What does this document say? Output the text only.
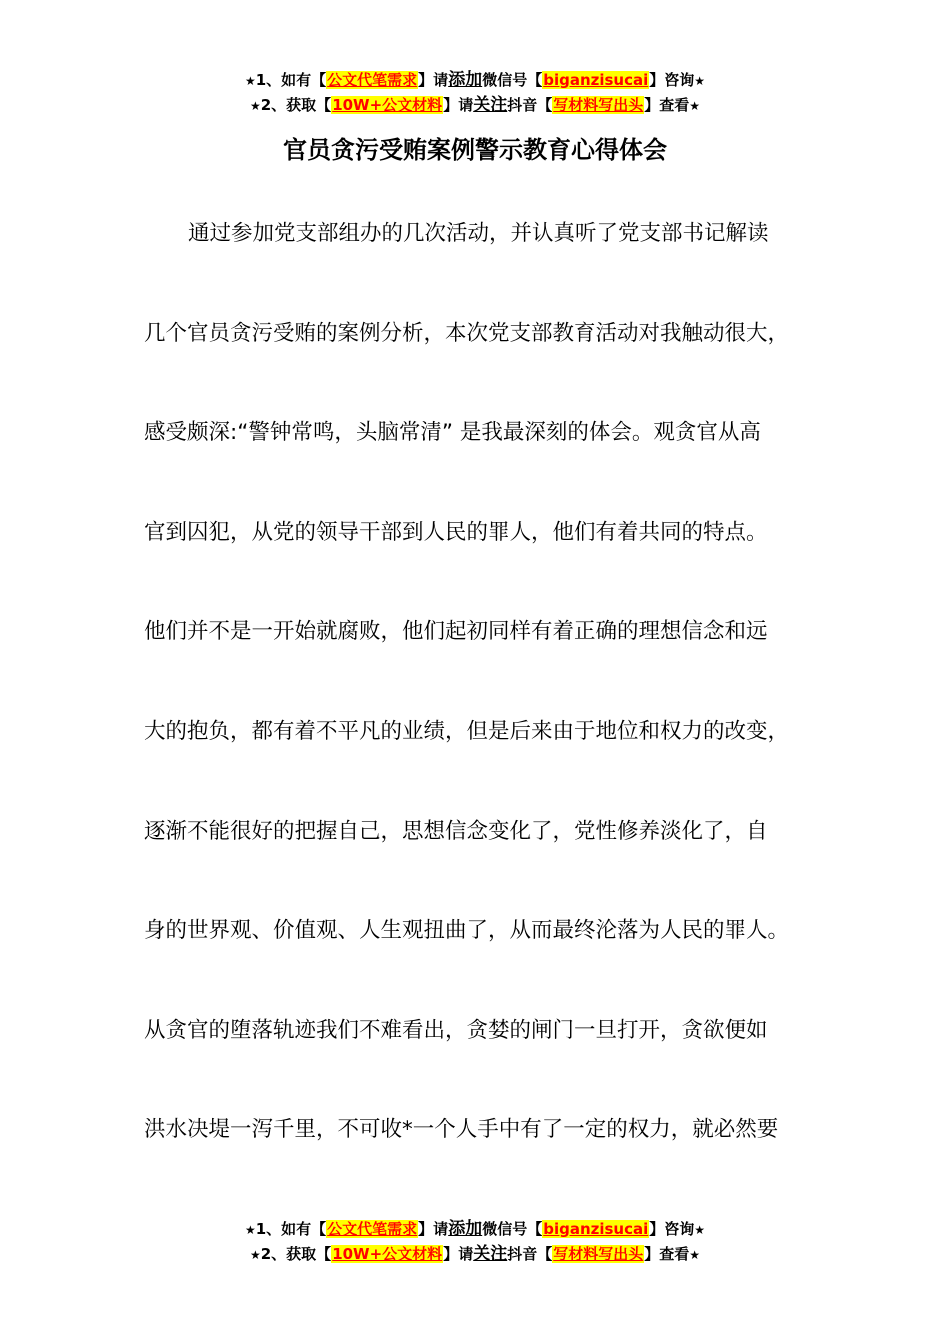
★1、如有【公文代笔需求】请添加微信号【biganzisucai】咨询★
★2、获取【10W+公文材料】请关注抖音【写材料写出头】查看★
官员贪污受贿案例警示教育心得体会
通过参加党支部组办的几次活动，并认真听了党支部书记解读
几个官员贪污受贿的案例分析，本次党支部教育活动对我触动很大，
感受颇深:“警钟常鸣，头脑常清” 是我最深刻的体会。观贪官从高
官到囚犯，从党的领导干部到人民的罪人，他们有着共同的特点。
他们并不是一开始就腐败，他们起初同样有着正确的理想信念和远
大的抱负，都有着不平凡的业绩，但是后来由于地位和权力的改变，
逐渐不能很好的把握自己，思想信念变化了，党性修养淡化了，自
身的世界观、价值观、人生观扭曲了，从而最终沦落为人民的罪人。
从贪官的堕落轨迹我们不难看出，贪婪的闸门一旦打开，贪欲便如
洪水决堤一泻千里，不可收*一个人手中有了一定的权力，就必然要
★1、如有【公文代笔需求】请添加微信号【biganzisucai】咨询★
★2、获取【10W+公文材料】请关注抖音【写材料写出头】查看★
